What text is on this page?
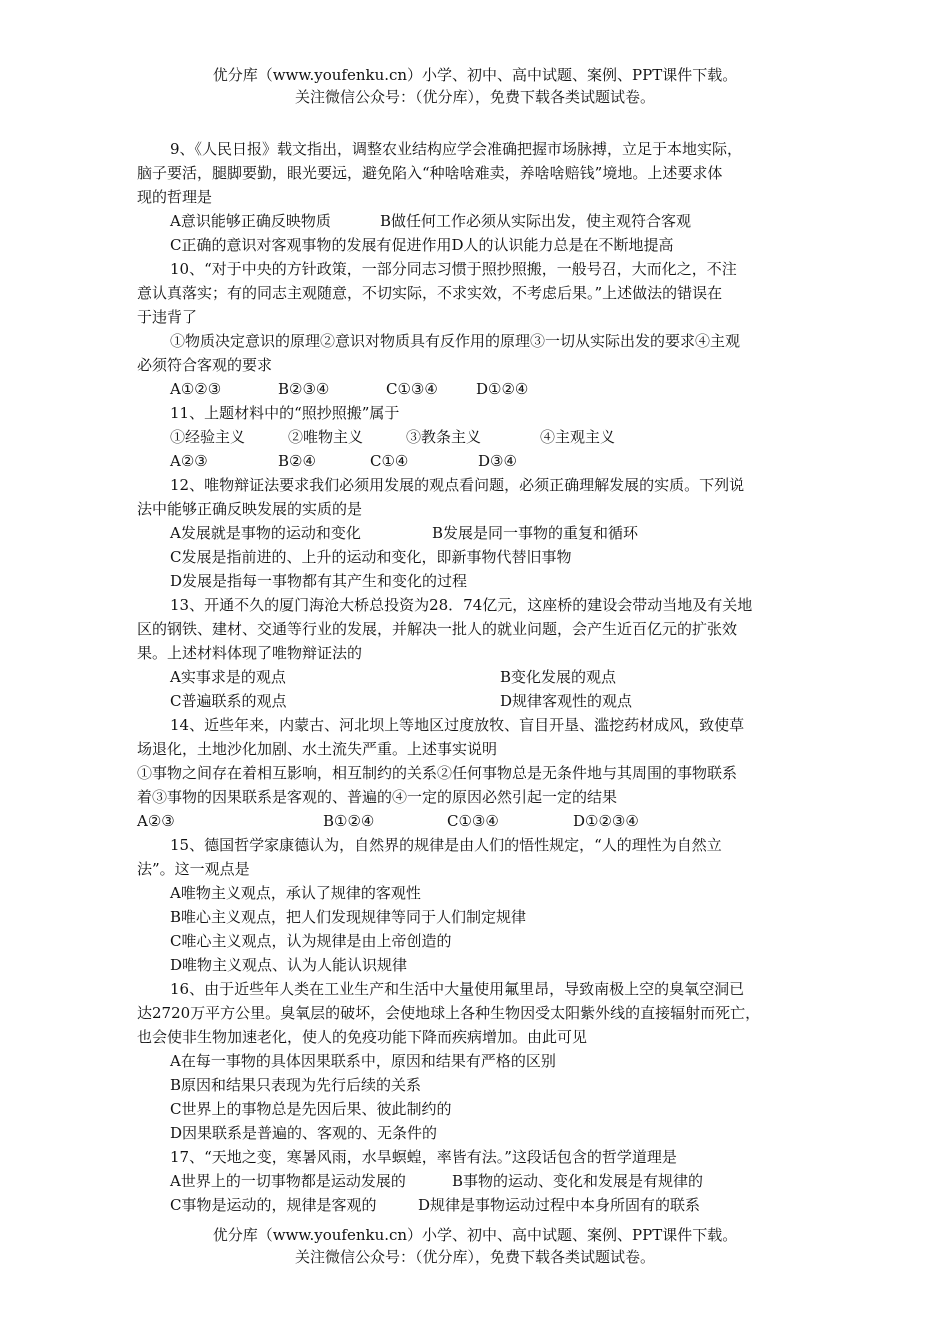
优分库（www.youfenku.cn）小学、初中、高中试题、案例、PPT课件下载。
关注微信公众号：（优分库），免费下载各类试题试卷。

9、《人民日报》载文指出，调整农业结构应学会准确把握市场脉搏，立足于本地实际，

脑子要活，腿脚要勤，眼光要远，避免陷入“种啥啥难卖，养啥啥赔钱”境地。上述要求体

现的哲理是

A意识能够正确反映物质	B做任何工作必须从实际出发，使主观符合客观

C正确的意识对客观事物的发展有促进作用 D人的认识能力总是在不断地提高

10、“对于中央的方针政策，一部分同志习惯于照抄照搬，一般号召，大而化之，不注

意认真落实；有的同志主观随意，不切实际，不求实效，不考虑后果。”上述做法的错误在

于违背了

①物质决定意识的原理②意识对物质具有反作用的原理③一切从实际出发的要求④主观

必须符合客观的要求

A①②③	B②③④	C①③④	D①②④

11、上题材料中的“照抄照搬”属于

①经验主义	②唯物主义	③教条主义	④主观主义

A②③	B②④	C①④	D③④

12、唯物辩证法要求我们必须用发展的观点看问题，必须正确理解发展的实质。下列说

法中能够正确反映发展的实质的是

A发展就是事物的运动和变化	B发展是同一事物的重复和循环

C发展是指前进的、上升的运动和变化，即新事物代替旧事物

D发展是指每一事物都有其产生和变化的过程

13、开通不久的厦门海沧大桥总投资为28．74亿元，这座桥的建设会带动当地及有关地

区的钢铁、建材、交通等行业的发展，并解决一批人的就业问题，会产生近百亿元的扩张效

果。上述材料体现了唯物辩证法的

A实事求是的观点	B变化发展的观点

C普遍联系的观点	D规律客观性的观点

14、近些年来，内蒙古、河北坝上等地区过度放牧、盲目开垦、滥挖药材成风，致使草

场退化，土地沙化加剧、水土流失严重。上述事实说明

①事物之间存在着相互影响，相互制约的关系②任何事物总是无条件地与其周围的事物联系

着③事物的因果联系是客观的、普遍的④一定的原因必然引起一定的结果

A②③	B①②④	C①③④	D①②③④

15、德国哲学家康德认为，自然界的规律是由人们的悟性规定，“人的理性为自然立

法”。这一观点是

A唯物主义观点，承认了规律的客观性

B唯心主义观点，把人们发现规律等同于人们制定规律

C唯心主义观点，认为规律是由上帝创造的

D唯物主义观点、认为人能认识规律

16、由于近些年人类在工业生产和生活中大量使用氟里昂，导致南极上空的臭氧空洞已

达2720万平方公里。臭氧层的破坏，会使地球上各种生物因受太阳紫外线的直接辐射而死亡，

也会使非生物加速老化，使人的免疫功能下降而疾病增加。由此可见

A在每一事物的具体因果联系中，原因和结果有严格的区别

B原因和结果只表现为先行后续的关系

C世界上的事物总是先因后果、彼此制约的

D因果联系是普遍的、客观的、无条件的

17、“天地之变，寒暑风雨，水旱螟蝗，率皆有法。”这段话包含的哲学道理是

A世界上的一切事物都是运动发展的	B事物的运动、变化和发展是有规律的

C事物是运动的，规律是客观的	D规律是事物运动过程中本身所固有的联系

优分库（www.youfenku.cn）小学、初中、高中试题、案例、PPT课件下载。
关注微信公众号：（优分库），免费下载各类试题试卷。
